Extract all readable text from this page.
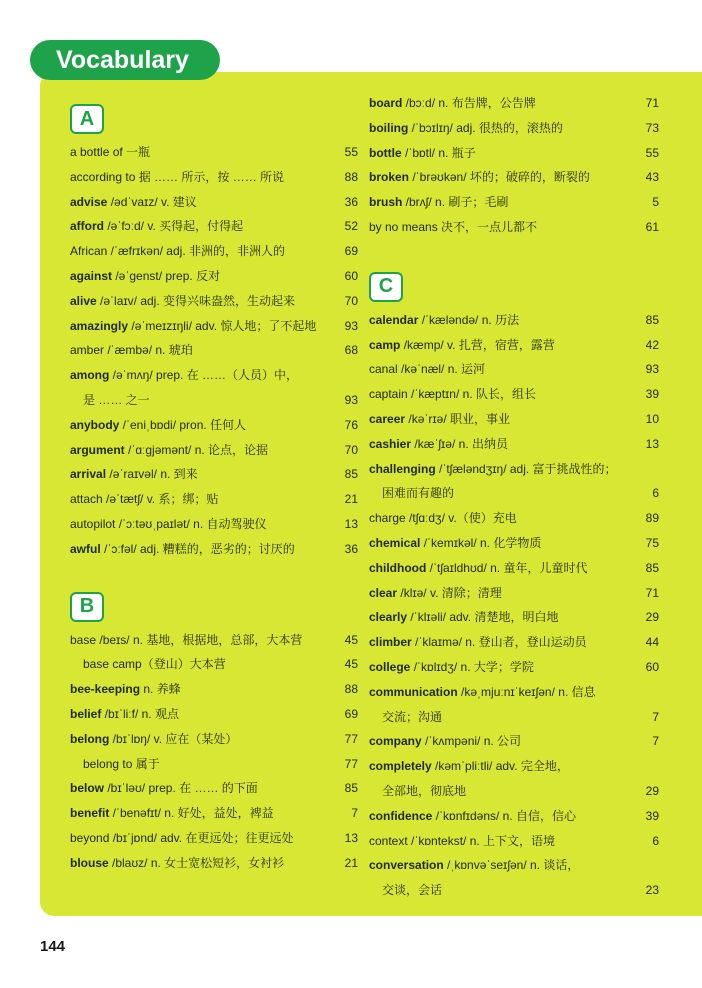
Vocabulary
A
a bottle of 一瓶	55
according to 据 …… 所示，按 …… 所说	88
advise /ədˈvaɪz/ v. 建议	36
afford /əˈfɔːd/ v. 买得起，付得起	52
African /ˈæfrɪkən/ adj. 非洲的，非洲人的	69
against /əˈɡenst/ prep. 反对	60
alive /əˈlaɪv/ adj. 变得兴味盎然，生动起来	70
amazingly /əˈmeɪzɪŋli/ adv. 惊人地；了不起地 93
amber /ˈæmbə/ n. 琥珀	68
among /əˈmʌŋ/ prep. 在 ……（人员）中，
是 …… 之一	93
anybody /ˈeniˌbɒdi/ pron. 任何人	76
argument /ˈɑːɡjəmənt/ n. 论点，论据	70
arrival /əˈraɪvəl/ n. 到来	85
attach /əˈtætʃ/ v. 系；绑；贴	21
autopilot /ˈɔːtəʊˌpaɪlət/ n. 自动驾驶仪	13
awful /ˈɔːfəl/ adj. 糟糕的，恶劣的；讨厌的	36
B
base /beɪs/ n. 基地，根据地，总部，大本营	45
base camp（登山）大本营	45
bee-keeping n. 养蜂	88
belief /bɪˈliːf/ n. 观点	69
belong /bɪˈlɒŋ/ v. 应在（某处）	77
belong to 属于	77
below /bɪˈləʊ/ prep. 在 …… 的下面	85
benefit /ˈbenəfɪt/ n. 好处，益处，裨益	7
beyond /bɪˈjɒnd/ adv. 在更远处；往更远处	13
blouse /blaʊz/ n. 女士宽松短衫，女衬衫	21
board /bɔːd/ n. 布告牌，公告牌	71
boiling /ˈbɔɪlɪŋ/ adj. 很热的，滚热的	73
bottle /ˈbɒtl/ n. 瓶子	55
broken /ˈbrəʊkən/ 坏的；破碎的，断裂的	43
brush /brʌʃ/ n. 刷子；毛刷	5
by no means 决不，一点儿都不	61
C
calendar /ˈkæləndə/ n. 历法	85
camp /kæmp/ v. 扎营，宿营，露营	42
canal /kəˈnæl/ n. 运河	93
captain /ˈkæptɪn/ n. 队长，组长	39
career /kəˈrɪə/ 职业，事业	10
cashier /kæˈʃɪə/ n. 出纳员	13
challenging /ˈtʃæləndʒɪŋ/ adj. 富于挑战性的；
困难而有趣的	6
charge /tʃɑːdʒ/ v.（使）充电	89
chemical /ˈkemɪkəl/ n. 化学物质	75
childhood /ˈtʃaɪldhʊd/ n. 童年，儿童时代	85
clear /klɪə/ v. 清除；清理	71
clearly /ˈklɪəli/ adv. 清楚地，明白地	29
climber /ˈklaɪmə/ n. 登山者，登山运动员	44
college /ˈkɒlɪdʒ/ n. 大学；学院	60
communication /kəˌmjuːnɪˈkeɪʃən/ n. 信息
交流；沟通	7
company /ˈkʌmpəni/ n. 公司	7
completely /kəmˈpliːtli/ adv. 完全地，
全部地，彻底地	29
confidence /ˈkɒnfɪdəns/ n. 自信，信心	39
context /ˈkɒntekst/ n. 上下文，语境	6
conversation /ˌkɒnvəˈseɪʃən/ n. 谈话，
交谈，会话	23
144
